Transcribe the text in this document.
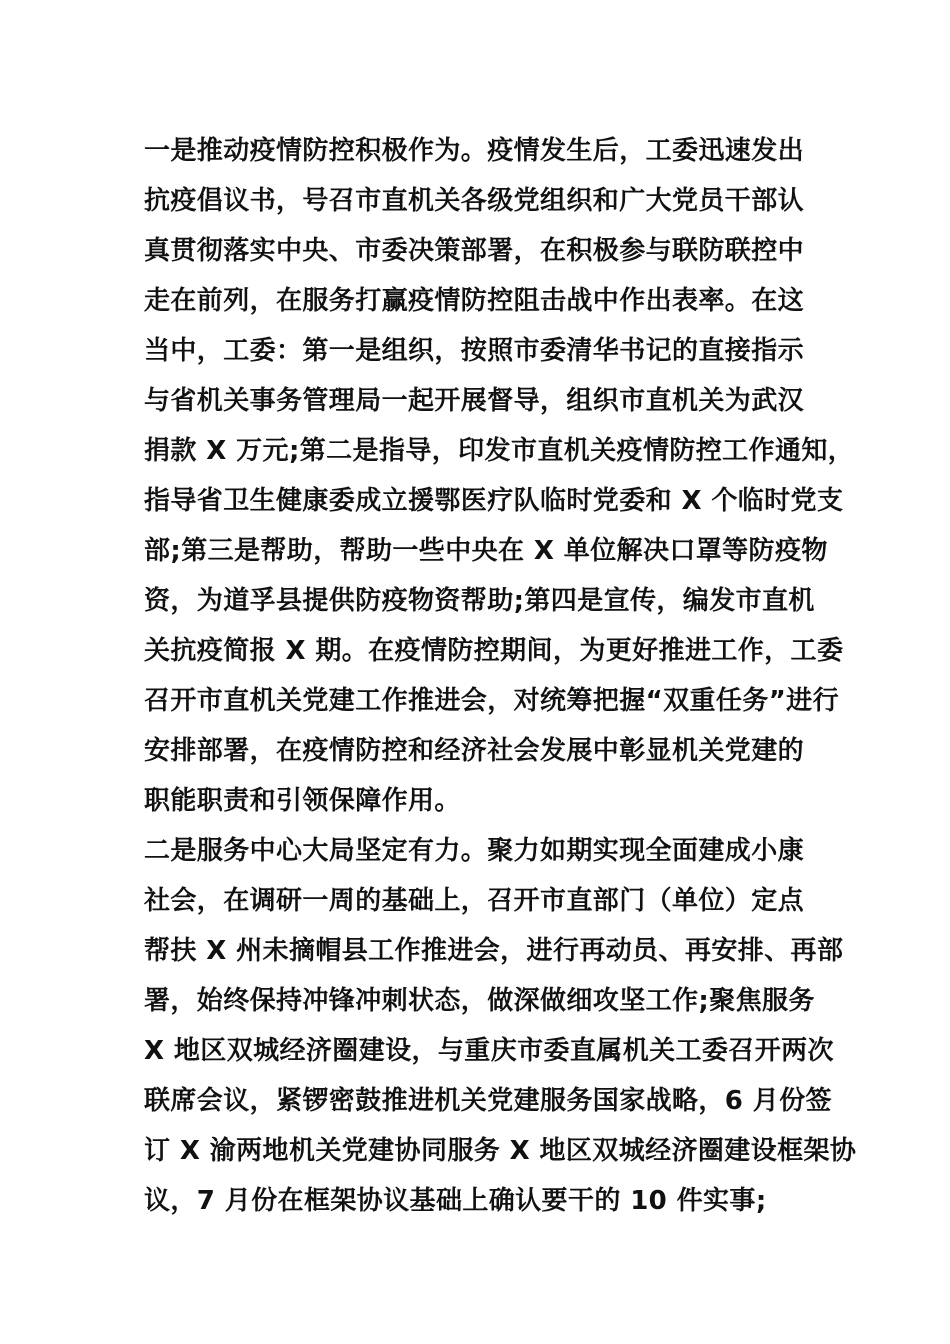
一是推动疫情防控积极作为。疫情发生后，工委迅速发出
抗疫倡议书，号召市直机关各级党组织和广大党员干部认
真贯彻落实中央、市委决策部署，在积极参与联防联控中
走在前列，在服务打赢疫情防控阻击战中作出表率。在这
当中，工委：第一是组织，按照市委清华书记的直接指示
与省机关事务管理局一起开展督导，组织市直机关为武汉
捐款 X 万元;第二是指导，印发市直机关疫情防控工作通知，
指导省卫生健康委成立援鄂医疗队临时党委和 X 个临时党支
部;第三是帮助，帮助一些中央在 X 单位解决口罩等防疫物
资，为道孚县提供防疫物资帮助;第四是宣传，编发市直机
关抗疫简报 X 期。在疫情防控期间，为更好推进工作，工委
召开市直机关党建工作推进会，对统筹把握“双重任务”进行
安排部署，在疫情防控和经济社会发展中彰显机关党建的
职能职责和引领保障作用。
二是服务中心大局坚定有力。聚力如期实现全面建成小康
社会，在调研一周的基础上，召开市直部门（单位）定点
帮扶 X 州未摘帽县工作推进会，进行再动员、再安排、再部
署，始终保持冲锋冲刺状态，做深做细攻坚工作;聚焦服务
X 地区双城经济圈建设，与重庆市委直属机关工委召开两次
联席会议，紧锣密鼓推进机关党建服务国家战略，6 月份签
订 X 渝两地机关党建协同服务 X 地区双城经济圈建设框架协
议，7 月份在框架协议基础上确认要干的 10 件实事;
